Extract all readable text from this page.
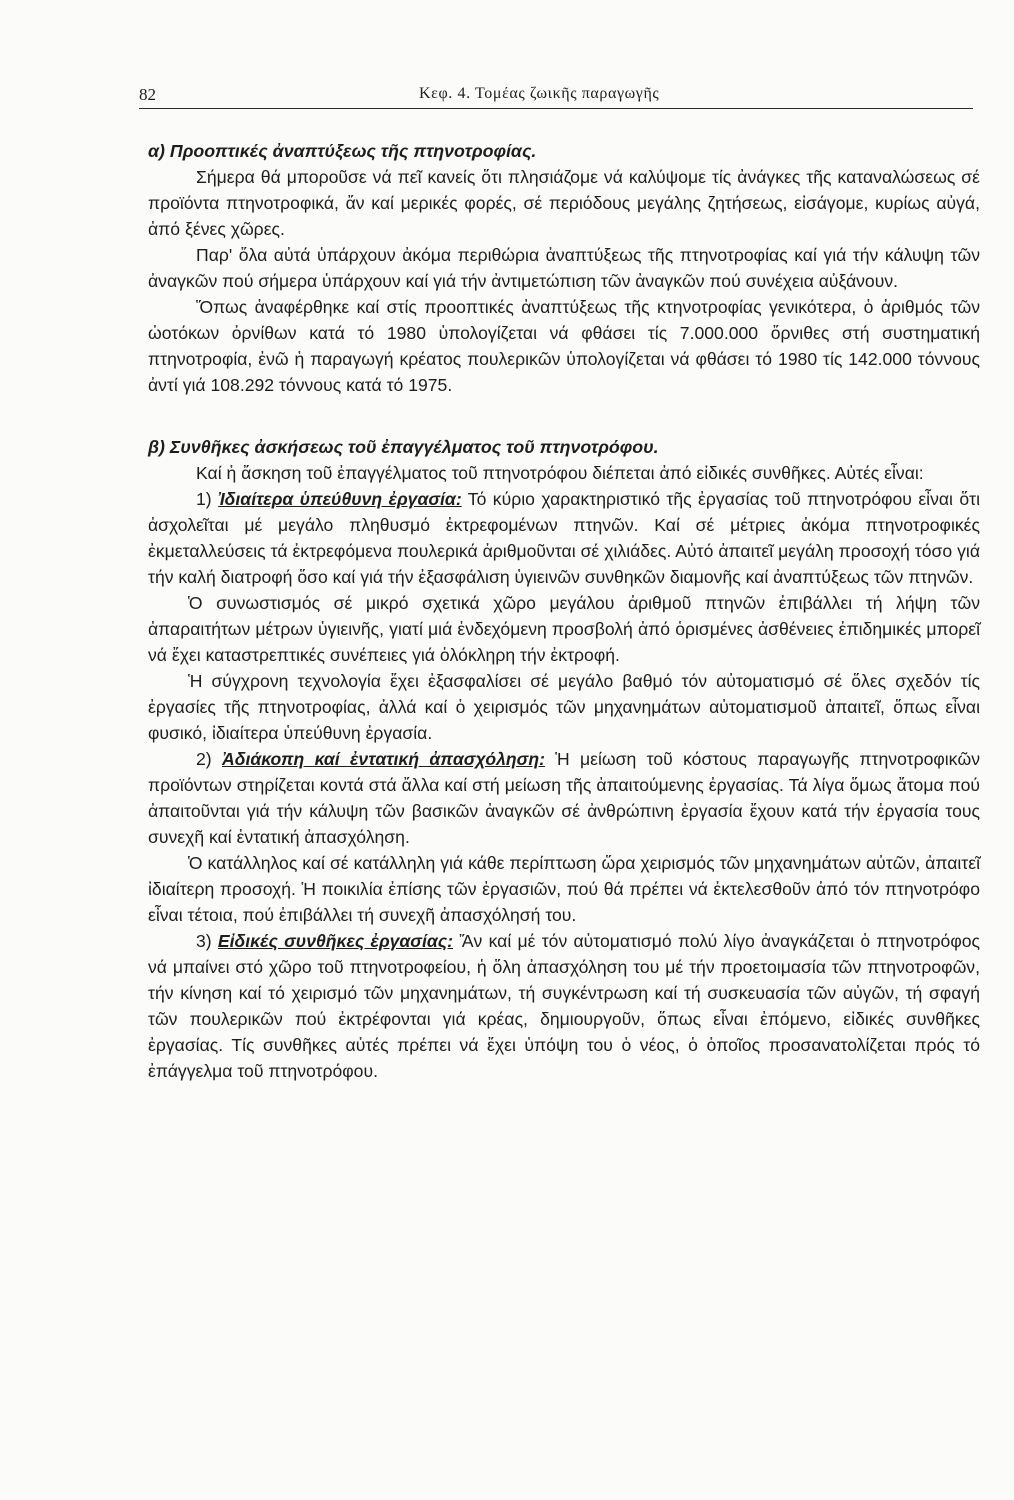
82	Κεφ. 4. Τομέας ζωικῆς παραγωγῆς

α) Προοπτικές ἀναπτύξεως τῆς πτηνοτροφίας.

Σήμερα θά μποροῦσε νά πεῖ κανείς ὅτι πλησιάζομε νά καλύψομε τίς ἀνάγκες τῆς καταναλώσεως σέ προϊόντα πτηνοτροφικά, ἄν καί μερικές φορές, σέ περιόδους μεγάλης ζητήσεως, εἰσάγομε, κυρίως αὐγά, ἀπό ξένες χῶρες.

Παρ' ὅλα αὐτά ὑπάρχουν ἀκόμα περιθώρια ἀναπτύξεως τῆς πτηνοτροφίας καί γιά τήν κάλυψη τῶν ἀναγκῶν πού σήμερα ὑπάρχουν καί γιά τήν ἀντιμετώπιση τῶν ἀναγκῶν πού συνέχεια αὐξάνουν.

Ὅπως ἀναφέρθηκε καί στίς προοπτικές ἀναπτύξεως τῆς κτηνοτροφίας γενικότερα, ὁ ἀριθμός τῶν ὠοτόκων ὀρνίθων κατά τό 1980 ὑπολογίζεται νά φθάσει τίς 7.000.000 ὄρνιθες στή συστηματική πτηνοτροφία, ἐνῶ ἡ παραγωγή κρέατος πουλερικῶν ὑπολογίζεται νά φθάσει τό 1980 τίς 142.000 τόννους ἀντί γιά 108.292 τόννους κατά τό 1975.

β) Συνθῆκες ἀσκήσεως τοῦ ἐπαγγέλματος τοῦ πτηνοτρόφου.

Καί ἡ ἄσκηση τοῦ ἐπαγγέλματος τοῦ πτηνοτρόφου διέπεται ἀπό εἰδικές συνθῆκες. Αὐτές εἶναι:

1) Ἰδιαίτερα ὑπεύθυνη ἐργασία: Τό κύριο χαρακτηριστικό τῆς ἐργασίας τοῦ πτηνοτρόφου εἶναι ὅτι ἀσχολεῖται μέ μεγάλο πληθυσμό ἐκτρεφομένων πτηνῶν. Καί σέ μέτριες ἀκόμα πτηνοτροφικές ἐκμεταλλεύσεις τά ἐκτρεφόμενα πουλερικά ἀριθμοῦνται σέ χιλιάδες. Αὐτό ἀπαιτεῖ μεγάλη προσοχή τόσο γιά τήν καλή διατροφή ὅσο καί γιά τήν ἐξασφάλιση ὑγιεινῶν συνθηκῶν διαμονῆς καί ἀναπτύξεως τῶν πτηνῶν.

Ὁ συνωστισμός σέ μικρό σχετικά χῶρο μεγάλου ἀριθμοῦ πτηνῶν ἐπιβάλλει τή λήψη τῶν ἀπαραιτήτων μέτρων ὑγιεινῆς, γιατί μιά ἐνδεχόμενη προσβολή ἀπό ὁρισμένες ἀσθένειες ἐπιδημικές μπορεῖ νά ἔχει καταστρεπτικές συνέπειες γιά ὁλόκληρη τήν ἐκτροφή.

Ἡ σύγχρονη τεχνολογία ἔχει ἐξασφαλίσει σέ μεγάλο βαθμό τόν αὐτοματισμό σέ ὅλες σχεδόν τίς ἐργασίες τῆς πτηνοτροφίας, ἀλλά καί ὁ χειρισμός τῶν μηχανημάτων αὐτοματισμοῦ ἀπαιτεῖ, ὅπως εἶναι φυσικό, ἰδιαίτερα ὑπεύθυνη ἐργασία.

2) Ἀδιάκοπη καί ἐντατική ἀπασχόληση: Ἡ μείωση τοῦ κόστους παραγωγῆς πτηνοτροφικῶν προϊόντων στηρίζεται κοντά στά ἄλλα καί στή μείωση τῆς ἀπαιτούμενης ἐργασίας. Τά λίγα ὅμως ἄτομα πού ἀπαιτοῦνται γιά τήν κάλυψη τῶν βασικῶν ἀναγκῶν σέ ἀνθρώπινη ἐργασία ἔχουν κατά τήν ἐργασία τους συνεχῆ καί ἐντατική ἀπασχόληση.

Ὁ κατάλληλος καί σέ κατάλληλη γιά κάθε περίπτωση ὥρα χειρισμός τῶν μηχανημάτων αὐτῶν, ἀπαιτεῖ ἰδιαίτερη προσοχή. Ἡ ποικιλία ἐπίσης τῶν ἐργασιῶν, πού θά πρέπει νά ἐκτελεσθοῦν ἀπό τόν πτηνοτρόφο εἶναι τέτοια, πού ἐπιβάλλει τή συνεχῆ ἀπασχόλησή του.

3) Εἰδικές συνθῆκες ἐργασίας: Ἄν καί μέ τόν αὐτοματισμό πολύ λίγο ἀναγκάζεται ὁ πτηνοτρόφος νά μπαίνει στό χῶρο τοῦ πτηνοτροφείου, ἡ ὅλη ἀπασχόληση του μέ τήν προετοιμασία τῶν πτηνοτροφῶν, τήν κίνηση καί τό χειρισμό τῶν μηχανημάτων, τή συγκέντρωση καί τή συσκευασία τῶν αὐγῶν, τή σφαγή τῶν πουλερικῶν πού ἐκτρέφονται γιά κρέας, δημιουργοῦν, ὅπως εἶναι ἐπόμενο, εἰδικές συνθῆκες ἐργασίας. Τίς συνθῆκες αὐτές πρέπει νά ἔχει ὑπόψη του ὁ νέος, ὁ ὁποῖος προσανατολίζεται πρός τό ἐπάγγελμα τοῦ πτηνοτρόφου.
